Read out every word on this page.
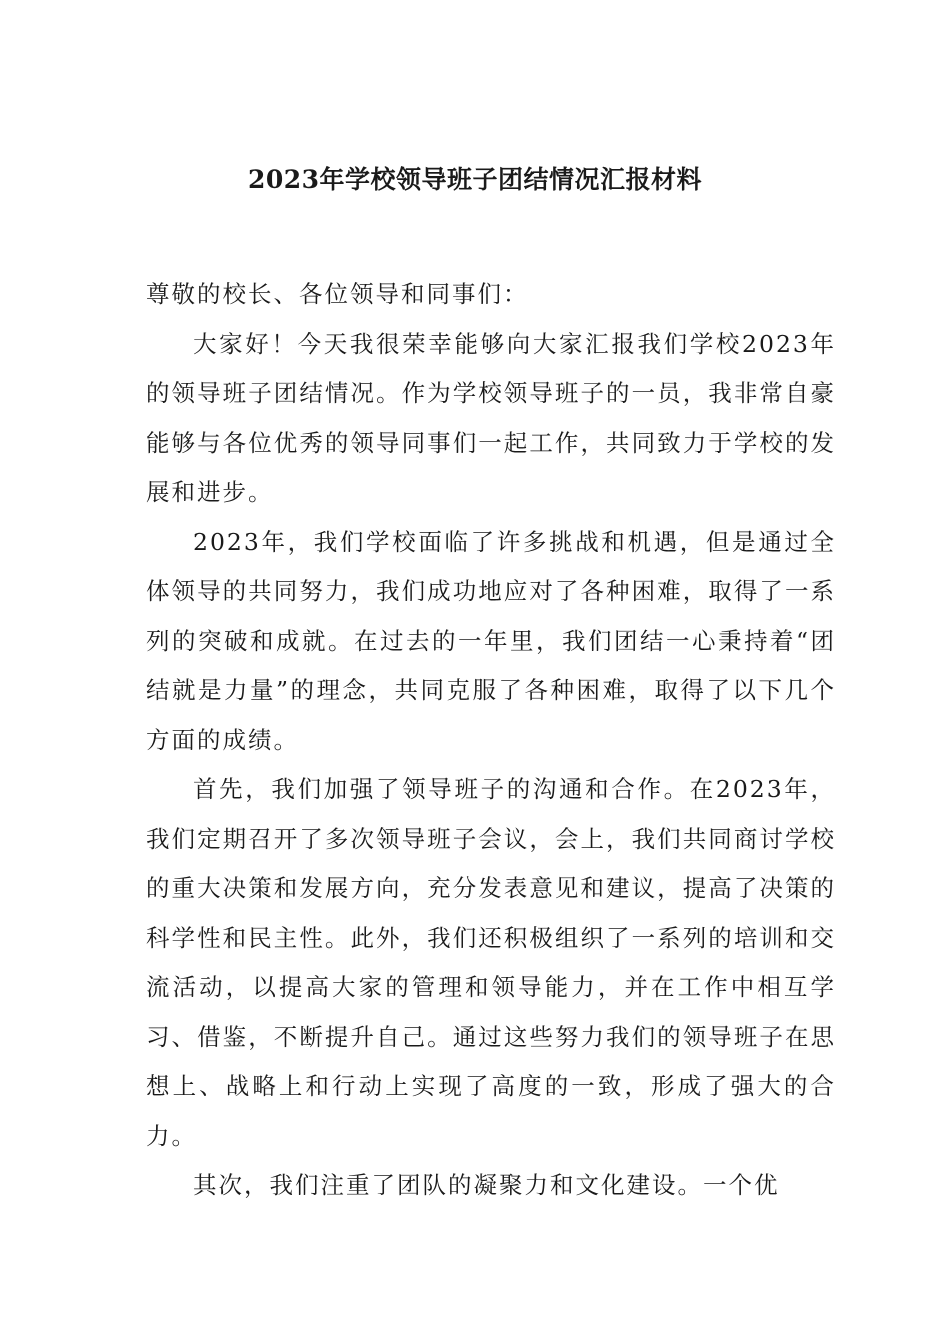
2023年学校领导班子团结情况汇报材料

尊敬的校长、各位领导和同事们：

大家好！今天我很荣幸能够向大家汇报我们学校2023年的领导班子团结情况。作为学校领导班子的一员，我非常自豪能够与各位优秀的领导同事们一起工作，共同致力于学校的发展和进步。

2023年，我们学校面临了许多挑战和机遇，但是通过全体领导的共同努力，我们成功地应对了各种困难，取得了一系列的突破和成就。在过去的一年里，我们团结一心秉持着“团结就是力量”的理念，共同克服了各种困难，取得了以下几个方面的成绩。

首先，我们加强了领导班子的沟通和合作。在2023年，我们定期召开了多次领导班子会议，会上，我们共同商讨学校的重大决策和发展方向，充分发表意见和建议，提高了决策的科学性和民主性。此外，我们还积极组织了一系列的培训和交流活动，以提高大家的管理和领导能力，并在工作中相互学习、借鉴，不断提升自己。通过这些努力我们的领导班子在思想上、战略上和行动上实现了高度的一致，形成了强大的合力。

其次，我们注重了团队的凝聚力和文化建设。一个优
